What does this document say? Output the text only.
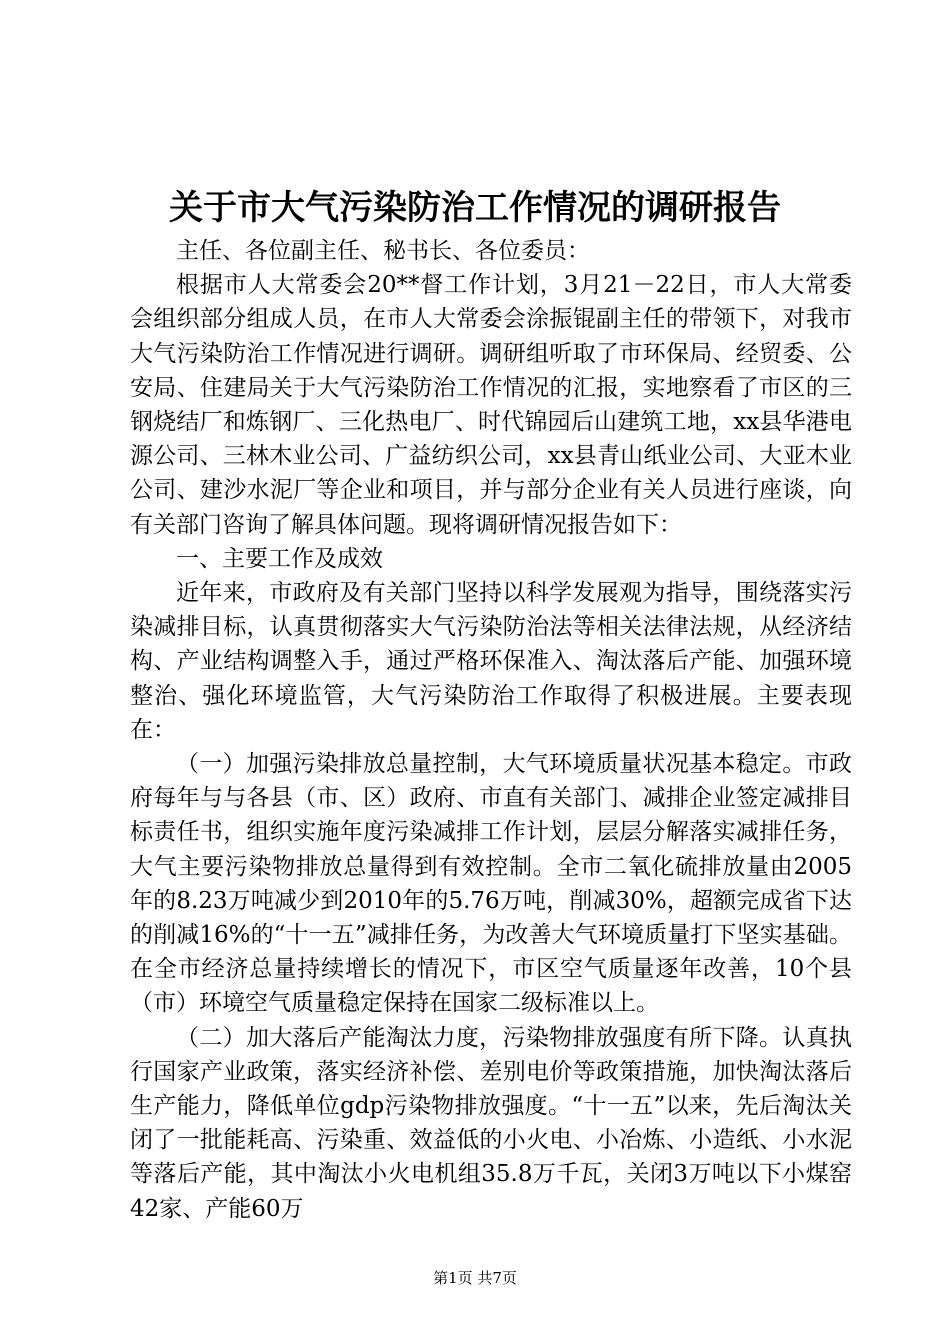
关于市大气污染防治工作情况的调研报告

主任、各位副主任、秘书长、各位委员：

根据市人大常委会20**督工作计划，3月21－22日，市人大常委会组织部分组成人员，在市人大常委会涂振锟副主任的带领下，对我市大气污染防治工作情况进行调研。调研组听取了市环保局、经贸委、公安局、住建局关于大气污染防治工作情况的汇报，实地察看了市区的三钢烧结厂和炼钢厂、三化热电厂、时代锦园后山建筑工地，xx县华港电源公司、三林木业公司、广益纺织公司，xx县青山纸业公司、大亚木业公司、建沙水泥厂等企业和项目，并与部分企业有关人员进行座谈，向有关部门咨询了解具体问题。现将调研情况报告如下：

一、主要工作及成效

近年来，市政府及有关部门坚持以科学发展观为指导，围绕落实污染减排目标，认真贯彻落实大气污染防治法等相关法律法规，从经济结构、产业结构调整入手，通过严格环保准入、淘汰落后产能、加强环境整治、强化环境监管，大气污染防治工作取得了积极进展。主要表现在：

（一）加强污染排放总量控制，大气环境质量状况基本稳定。市政府每年与与各县（市、区）政府、市直有关部门、减排企业签定减排目标责任书，组织实施年度污染减排工作计划，层层分解落实减排任务，大气主要污染物排放总量得到有效控制。全市二氧化硫排放量由2005年的8.23万吨减少到2010年的5.76万吨，削减30%，超额完成省下达的削减16%的“十一五”减排任务，为改善大气环境质量打下坚实基础。在全市经济总量持续增长的情况下，市区空气质量逐年改善，10个县（市）环境空气质量稳定保持在国家二级标准以上。

（二）加大落后产能淘汰力度，污染物排放强度有所下降。认真执行国家产业政策，落实经济补偿、差别电价等政策措施，加快淘汰落后生产能力，降低单位gdp污染物排放强度。“十一五”以来，先后淘汰关闭了一批能耗高、污染重、效益低的小火电、小冶炼、小造纸、小水泥等落后产能，其中淘汰小火电机组35.8万千瓦，关闭3万吨以下小煤窑42家、产能60万

第1页 共7页
